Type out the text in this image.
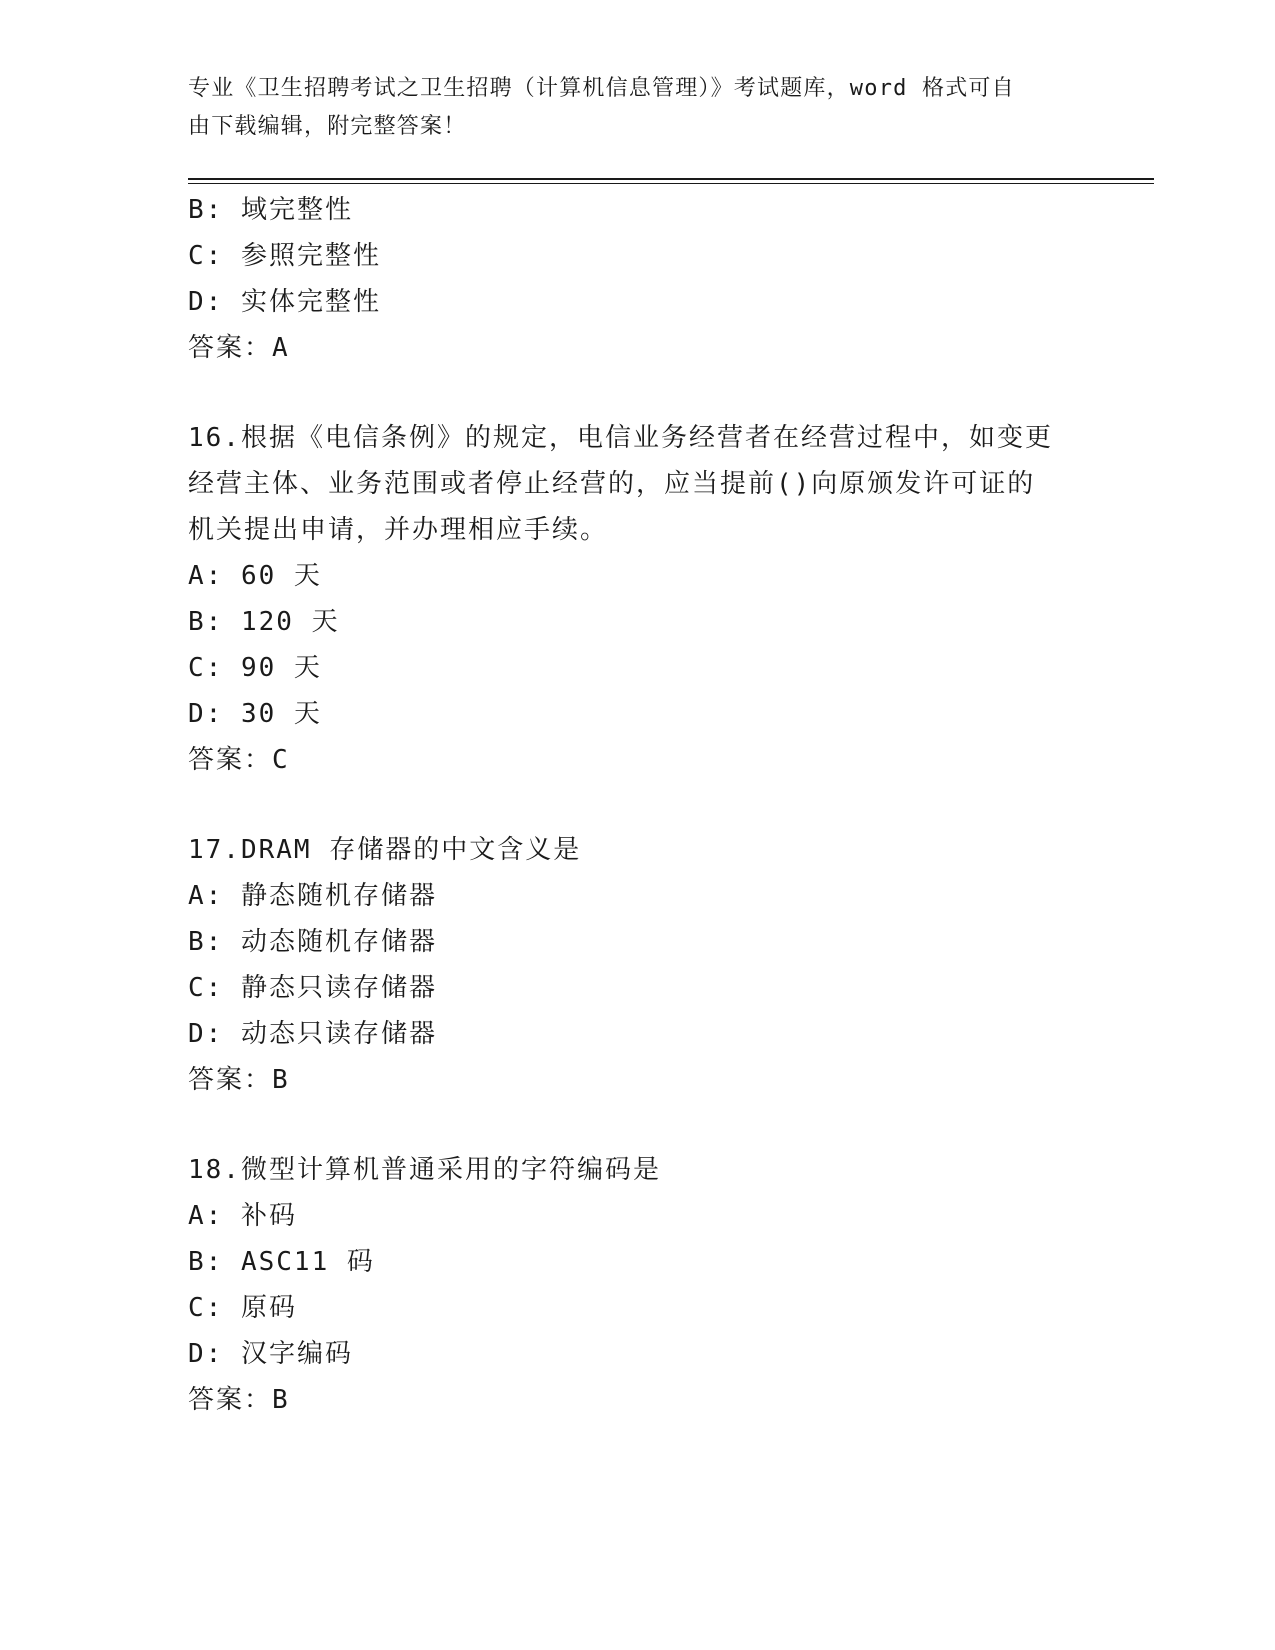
专业《卫生招聘考试之卫生招聘（计算机信息管理）》考试题库，word 格式可自
由下载编辑，附完整答案！
B: 域完整性
C: 参照完整性
D: 实体完整性
答案：A
16.根据《电信条例》的规定，电信业务经营者在经营过程中，如变更
经营主体、业务范围或者停止经营的，应当提前()向原颁发许可证的
机关提出申请，并办理相应手续。
A: 60 天
B: 120 天
C: 90 天
D: 30 天
答案：C
17.DRAM 存储器的中文含义是
A: 静态随机存储器
B: 动态随机存储器
C: 静态只读存储器
D: 动态只读存储器
答案：B
18.微型计算机普通采用的字符编码是
A: 补码
B: ASC11 码
C: 原码
D: 汉字编码
答案：B
